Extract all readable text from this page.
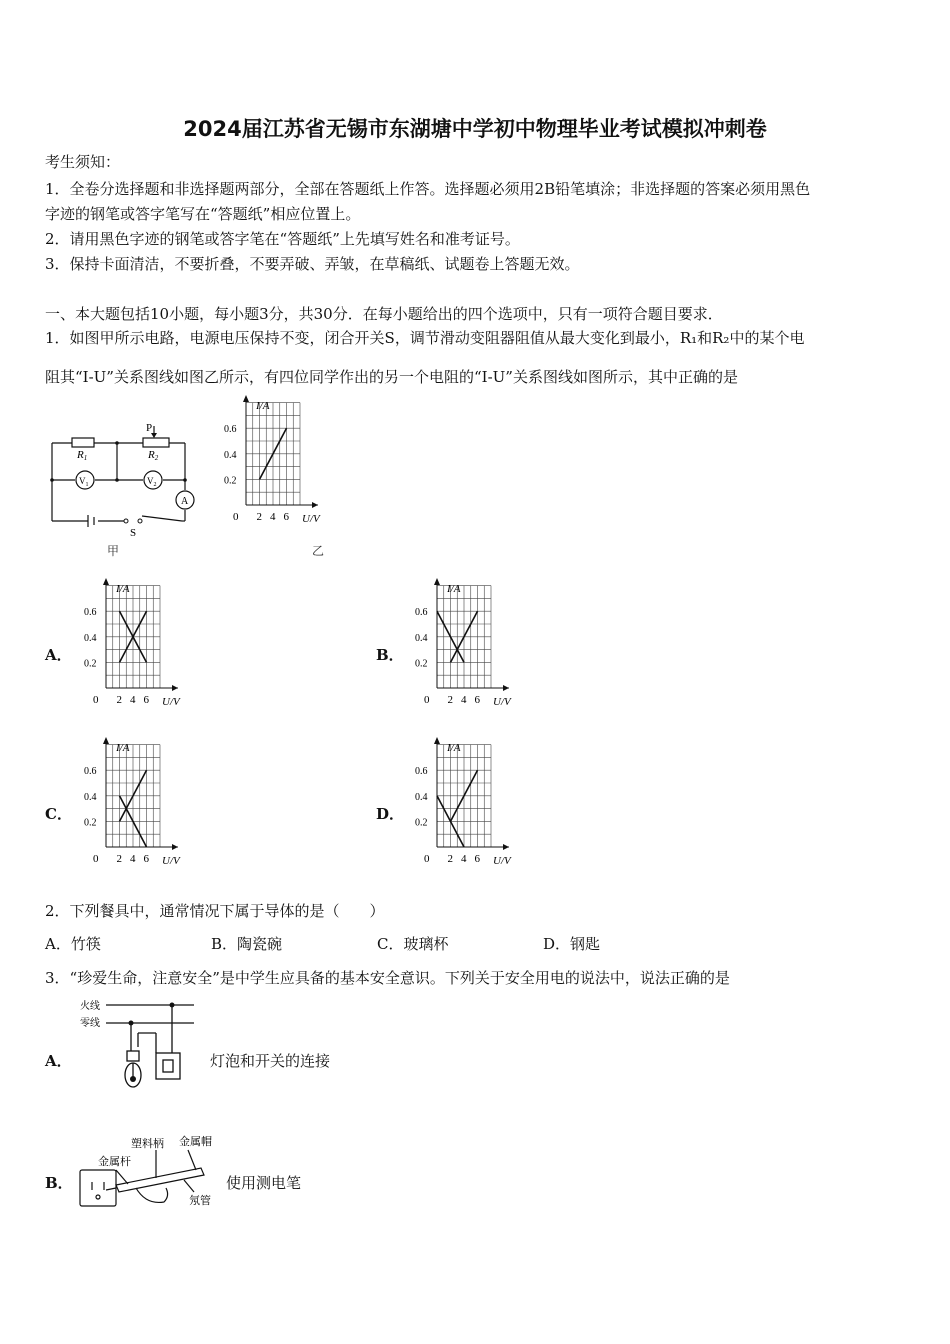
2024届江苏省无锡市东湖塘中学初中物理毕业考试模拟冲刺卷
考生须知：
1．全卷分选择题和非选择题两部分，全部在答题纸上作答。选择题必须用2B铅笔填涂；非选择题的答案必须用黑色
字迹的钢笔或答字笔写在“答题纸”相应位置上。
2．请用黑色字迹的钢笔或答字笔在“答题纸”上先填写姓名和准考证号。
3．保持卡面清洁，不要折叠，不要弄破、弄皱，在草稿纸、试题卷上答题无效。
一、本大题包括10小题，每小题3分，共30分．在每小题给出的四个选项中，只有一项符合题目要求．
1．如图甲所示电路，电源电压保持不变，闭合开关S，调节滑动变阻器阻值从最大变化到最小，R₁和R₂中的某个电
阻其“I-U”关系图线如图乙所示，有四位同学作出的另一个电阻的“I-U”关系图线如图所示，其中正确的是
R1	R2
P
$V_1$	$V_2$
A
S
甲	乙
I/A
U/V
0 2 4 6
0.2
0.4
0.6
A．
I/A
U/V
0 2 4 6
0.2
0.4
0.6
B．
I/A
U/V
0 2 4 6
0.2
0.4
0.6
C．
I/A
U/V
0 2 4 6
0.2
0.4
0.6
D．
I/A
U/V
0 2 4 6
0.2
0.4
0.6
2．下列餐具中，通常情况下属于导体的是（　　）
A．竹筷	B．陶瓷碗	C．玻璃杯	D．钢匙
3．“珍爱生命，注意安全”是中学生应具备的基本安全意识。下列关于安全用电的说法中，说法正确的是
A．
火线
零线
灯泡和开关的连接
B．
塑料柄 金属帽
金属杆
氖管
使用测电笔
